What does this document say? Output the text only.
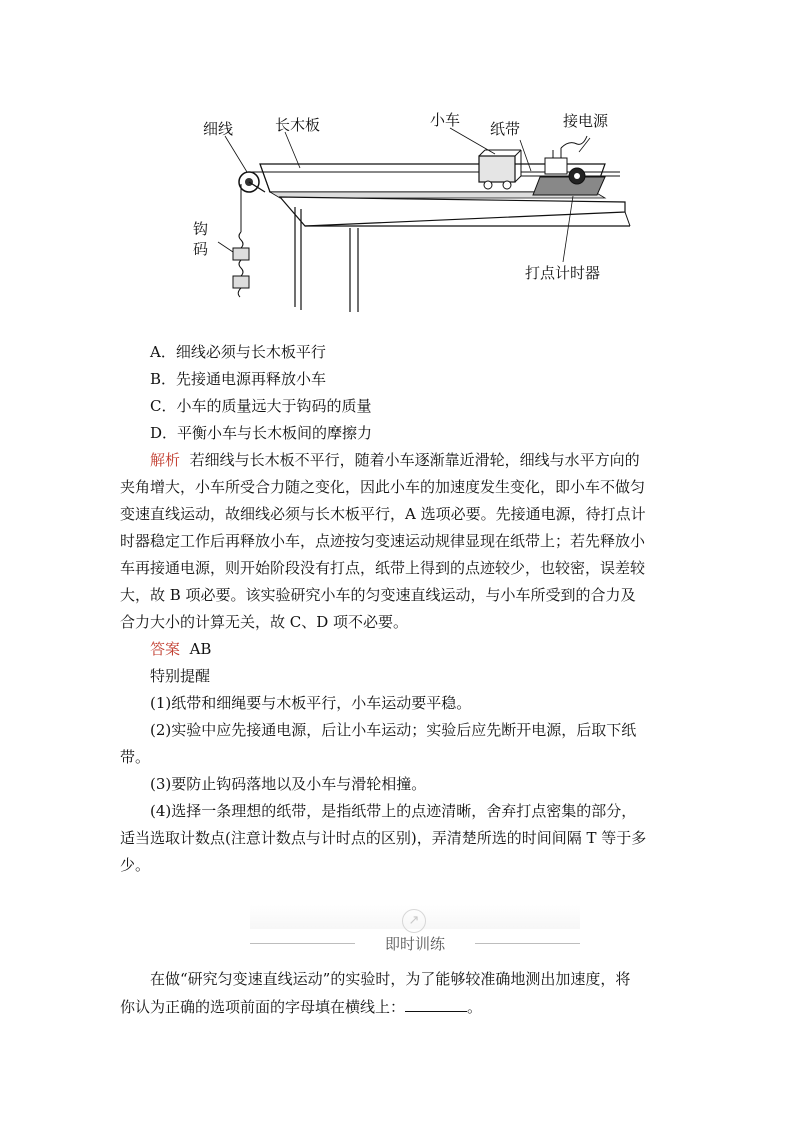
细线	长木板	小车 纸带	接电源
钩
码
打点计时器
A．细线必须与长木板平行
B．先接通电源再释放小车
C．小车的质量远大于钩码的质量
D．平衡小车与长木板间的摩擦力
解析 若细线与长木板不平行，随着小车逐渐靠近滑轮，细线与水平方向的
夹角增大，小车所受合力随之变化，因此小车的加速度发生变化，即小车不做匀
变速直线运动，故细线必须与长木板平行，A 选项必要。先接通电源，待打点计
时器稳定工作后再释放小车，点迹按匀变速运动规律显现在纸带上；若先释放小
车再接通电源，则开始阶段没有打点，纸带上得到的点迹较少，也较密，误差较
大，故 B 项必要。该实验研究小车的匀变速直线运动，与小车所受到的合力及
合力大小的计算无关，故 C、D 项不必要。
答案 AB
特别提醒
(1)纸带和细绳要与木板平行，小车运动要平稳。
(2)实验中应先接通电源，后让小车运动；实验后应先断开电源，后取下纸
带。
(3)要防止钩码落地以及小车与滑轮相撞。
(4)选择一条理想的纸带，是指纸带上的点迹清晰，舍弃打点密集的部分，
适当选取计数点(注意计数点与计时点的区别)，弄清楚所选的时间间隔 T 等于多
少。
↗
即时训练
在做“研究匀变速直线运动”的实验时，为了能够较准确地测出加速度，将
你认为正确的选项前面的字母填在横线上：	。
